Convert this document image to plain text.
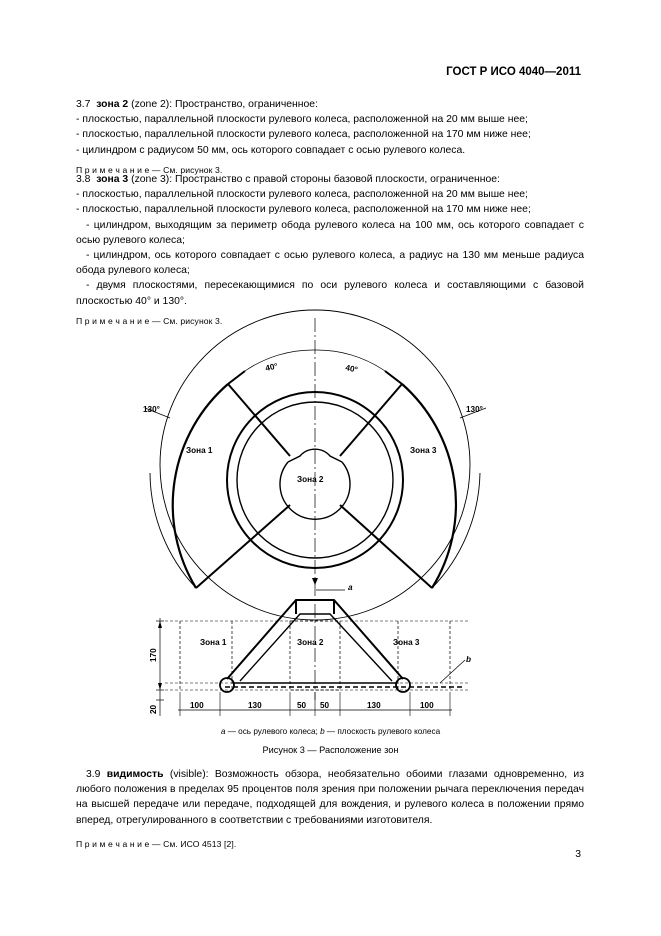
ГОСТ Р ИСО 4040—2011

3.7 зона 2 (zone 2): Пространство, ограниченное:

- плоскостью, параллельной плоскости рулевого колеса, расположенной на 20 мм выше нее;

- плоскостью, параллельной плоскости рулевого колеса, расположенной на 170 мм ниже нее;

- цилиндром с радиусом 50 мм, ось которого совпадает с осью рулевого колеса.

П р и м е ч а н и е — См. рисунок 3.

3.8 зона 3 (zone 3): Пространство с правой стороны базовой плоскости, ограниченное:

- плоскостью, параллельной плоскости рулевого колеса, расположенной на 20 мм выше нее;

- плоскостью, параллельной плоскости рулевого колеса, расположенной на 170 мм ниже нее;

- цилиндром, выходящим за периметр обода рулевого колеса на 100 мм, ось которого совпадает с осью рулевого колеса;

- цилиндром, ось которого совпадает с осью рулевого колеса, а радиус на 130 мм меньше радиуса обода рулевого колеса;

- двумя плоскостями, пересекающимися по оси рулевого колеса и составляющими с базовой плоскостью 40° и 130°.

П р и м е ч а н и е — См. рисунок 3.

40°	40°
130°	130°
Зона 1
Зона 2
Зона 3
a
Зона 1	Зона 2	Зона 3
b
170
20	100	130	50 50	130	100
a — ось рулевого колеса; b — плоскость рулевого колеса
Рисунок 3 — Расположение зон

3.9 видимость (visible): Возможность обзора, необязательно обоими глазами одновременно, из любого положения в пределах 95 процентов поля зрения при положении рычага переключения передач на высшей передаче или передаче, подходящей для вождения, и рулевого колеса в положении прямо вперед, отрегулированного в соответствии с требованиями изготовителя.

П р и м е ч а н и е — См. ИСО 4513 [2].

3
